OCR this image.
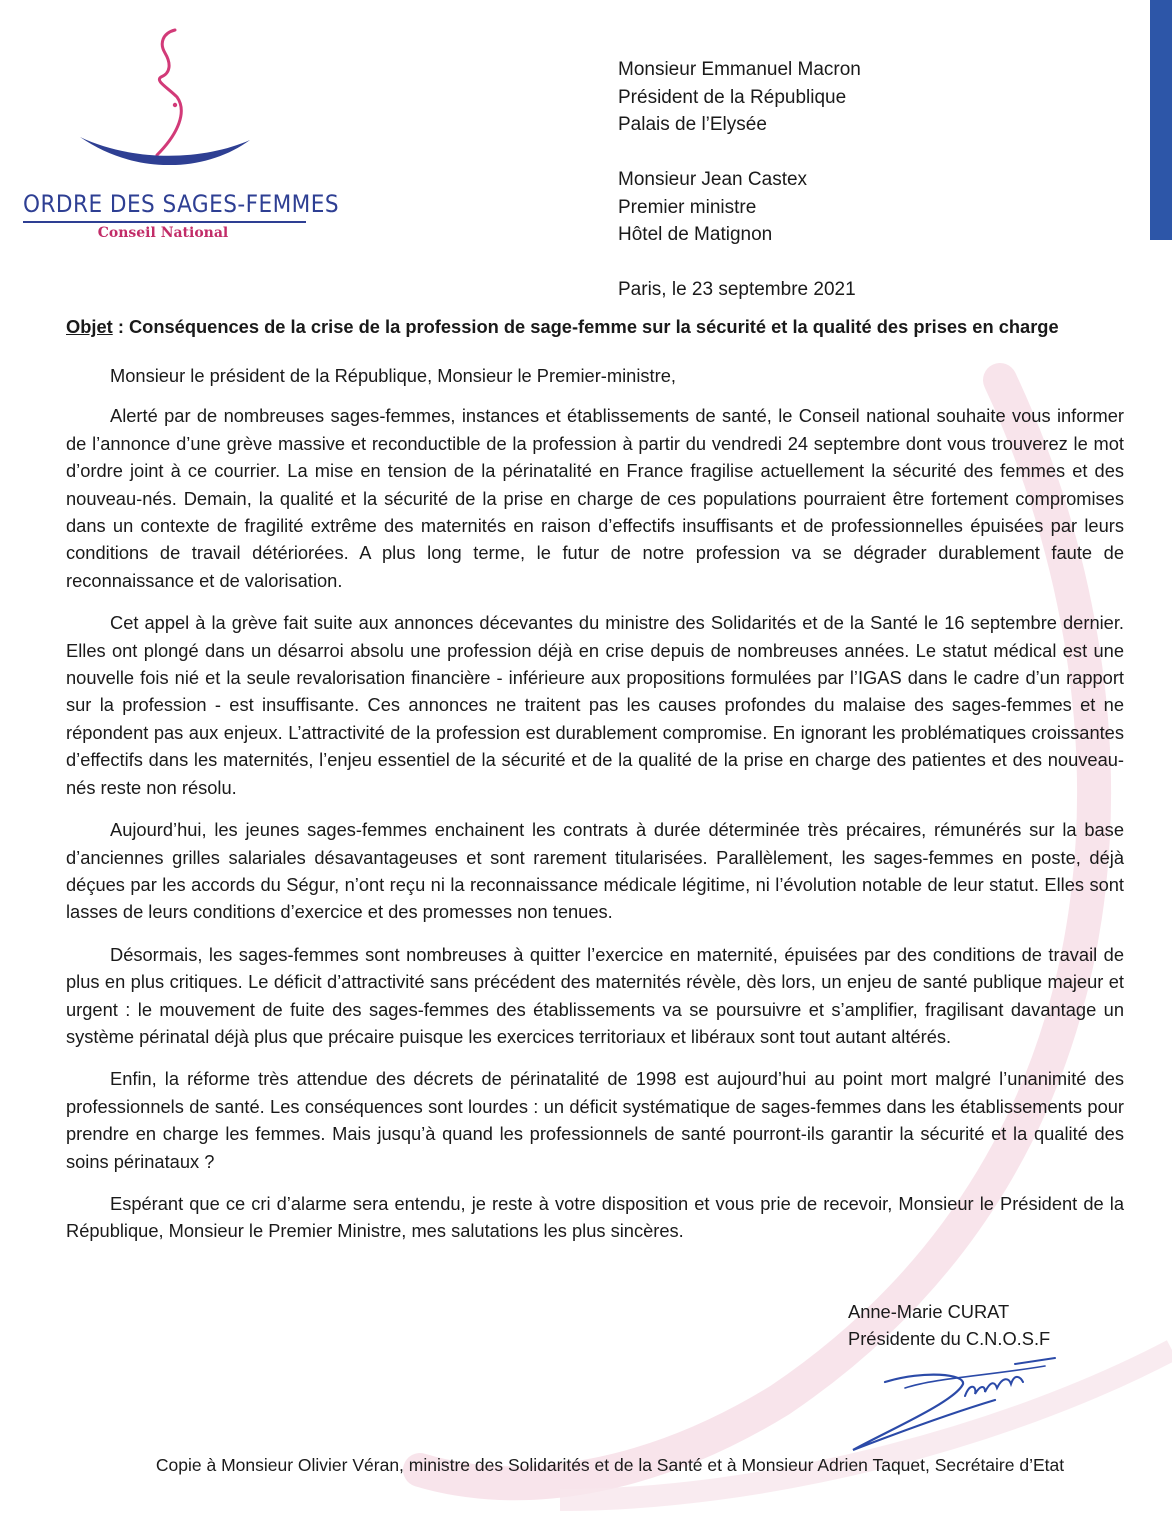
ORDRE DES SAGES-FEMMES
Conseil National
Monsieur Emmanuel Macron
Président de la République
Palais de l’Elysée
Monsieur Jean Castex
Premier ministre
Hôtel de Matignon
Paris, le 23 septembre 2021
Objet : Conséquences de la crise de la profession de sage-femme sur la sécurité et la qualité des prises en charge

Monsieur le président de la République, Monsieur le Premier-ministre,

Alerté par de nombreuses sages-femmes, instances et établissements de santé, le Conseil national souhaite vous informer de l’annonce d’une grève massive et reconductible de la profession à partir du vendredi 24 septembre dont vous trouverez le mot d’ordre joint à ce courrier. La mise en tension de la périnatalité en France fragilise actuellement la sécurité des femmes et des nouveau-nés. Demain, la qualité et la sécurité de la prise en charge de ces populations pourraient être fortement compromises dans un contexte de fragilité extrême des maternités en raison d’effectifs insuffisants et de professionnelles épuisées par leurs conditions de travail détériorées. A plus long terme, le futur de notre profession va se dégrader durablement faute de reconnaissance et de valorisation.

Cet appel à la grève fait suite aux annonces décevantes du ministre des Solidarités et de la Santé le 16 septembre dernier. Elles ont plongé dans un désarroi absolu une profession déjà en crise depuis de nombreuses années. Le statut médical est une nouvelle fois nié et la seule revalorisation financière - inférieure aux propositions formulées par l’IGAS dans le cadre d’un rapport sur la profession - est insuffisante. Ces annonces ne traitent pas les causes profondes du malaise des sages-femmes et ne répondent pas aux enjeux. L’attractivité de la profession est durablement compromise. En ignorant les problématiques croissantes d’effectifs dans les maternités, l’enjeu essentiel de la sécurité et de la qualité de la prise en charge des patientes et des nouveau-nés reste non résolu.

Aujourd’hui, les jeunes sages-femmes enchainent les contrats à durée déterminée très précaires, rémunérés sur la base d’anciennes grilles salariales désavantageuses et sont rarement titularisées. Parallèlement, les sages-femmes en poste, déjà déçues par les accords du Ségur, n’ont reçu ni la reconnaissance médicale légitime, ni l’évolution notable de leur statut. Elles sont lasses de leurs conditions d’exercice et des promesses non tenues.

Désormais, les sages-femmes sont nombreuses à quitter l’exercice en maternité, épuisées par des conditions de travail de plus en plus critiques. Le déficit d’attractivité sans précédent des maternités révèle, dès lors, un enjeu de santé publique majeur et urgent : le mouvement de fuite des sages-femmes des établissements va se poursuivre et s’amplifier, fragilisant davantage un système périnatal déjà plus que précaire puisque les exercices territoriaux et libéraux sont tout autant altérés.

Enfin, la réforme très attendue des décrets de périnatalité de 1998 est aujourd’hui au point mort malgré l’unanimité des professionnels de santé. Les conséquences sont lourdes : un déficit systématique de sages-femmes dans les établissements pour prendre en charge les femmes. Mais jusqu’à quand les professionnels de santé pourront-ils garantir la sécurité et la qualité des soins périnataux ?

Espérant que ce cri d’alarme sera entendu, je reste à votre disposition et vous prie de recevoir, Monsieur le Président de la République, Monsieur le Premier Ministre, mes salutations les plus sincères.

Anne-Marie CURAT
Présidente du C.N.O.S.F
Copie à Monsieur Olivier Véran, ministre des Solidarités et de la Santé et à Monsieur Adrien Taquet, Secrétaire d’Etat
